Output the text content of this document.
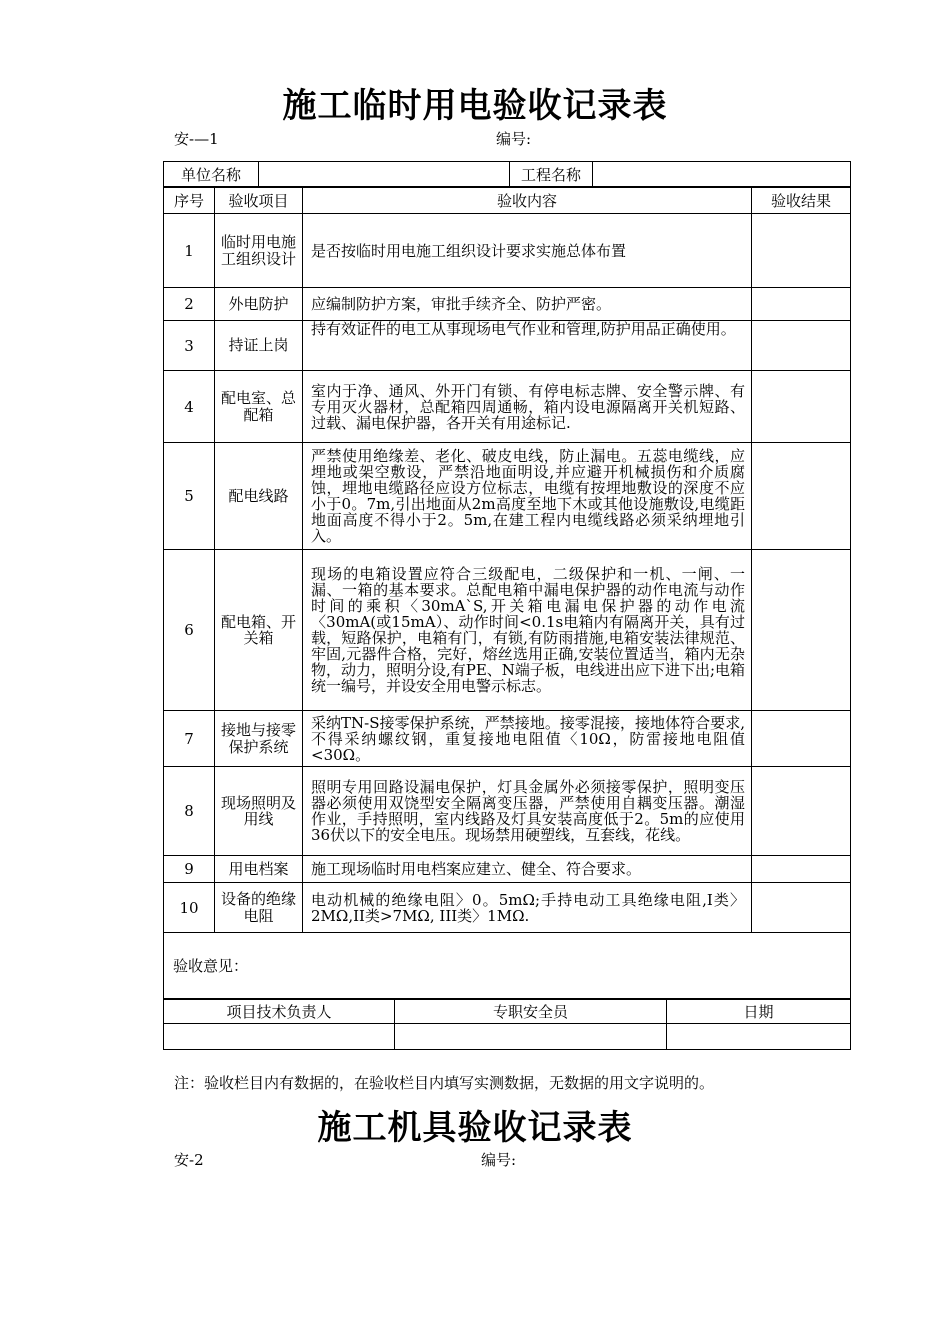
施工临时用电验收记录表
安-—1	编号:
单位名称		工程名称	
序号	验收项目	验收内容	验收结果
1	临时用电施工组织设计	是否按临时用电施工组织设计要求实施总体布置	
2	外电防护	应编制防护方案，审批手续齐全、防护严密。	
3	持证上岗	持有效证件的电工从事现场电气作业和管理,防护用品正确使用。	
4	配电室、总配箱	室内于净、通风、外开门有锁、有停电标志牌、安全警示牌、有专用灭火器材，总配箱四周通畅，箱内设电源隔离开关机短路、过载、漏电保护器，各开关有用途标记.	
5	配电线路	严禁使用绝缘差、老化、破皮电线，防止漏电。五蕊电缆线，应埋地或架空敷设，严禁沿地面明设,并应避开机械损伤和介质腐蚀，埋地电缆路径应设方位标志，电缆有按埋地敷设的深度不应小于0。7m,引出地面从2m高度至地下木或其他设施敷设,电缆距地面高度不得小于2。5m,在建工程内电缆线路必须采纳埋地引入。	
6	配电箱、开关箱	现场的电箱设置应符合三级配电，二级保护和一机、一闸、一漏、一箱的基本要求。总配电箱中漏电保护器的动作电流与动作时间的乘积〈30mA`S,开关箱电漏电保护器的动作电流〈30mA(或15mA）、动作时间<0.1s电箱内有隔离开关，具有过载，短路保护，电箱有门，有锁,有防雨措施,电箱安装法律规范、牢固,元器件合格，完好，熔丝选用正确,安装位置适当，箱内无杂物，动力，照明分设,有PE、N端子板，电线进出应下进下出;电箱统一编号，并设安全用电警示标志。	
7	接地与接零保护系统	采纳TN-S接零保护系统，严禁接地。接零混接，接地体符合要求,不得采纳螺纹钢，重复接地电阻值〈10Ω，防雷接地电阻值<30Ω。	
8	现场照明及用线	照明专用回路设漏电保护，灯具金属外必须接零保护，照明变压器必须使用双饶型安全隔离变压器，严禁使用自耦变压器。潮湿作业，手持照明，室内线路及灯具安装高度低于2。5m的应使用36伏以下的安全电压。现场禁用硬塑线，互套线，花线。	
9	用电档案	施工现场临时用电档案应建立、健全、符合要求。	
10	设备的绝缘电阻	电动机械的绝缘电阻〉0。5mΩ;手持电动工具绝缘电阻,I类〉2MΩ,II类>7MΩ, III类〉1MΩ.	
验收意见：			
项目技术负责人	专职安全员	日期

注：验收栏目内有数据的，在验收栏目内填写实测数据，无数据的用文字说明的。
施工机具验收记录表
安-2	编号:
